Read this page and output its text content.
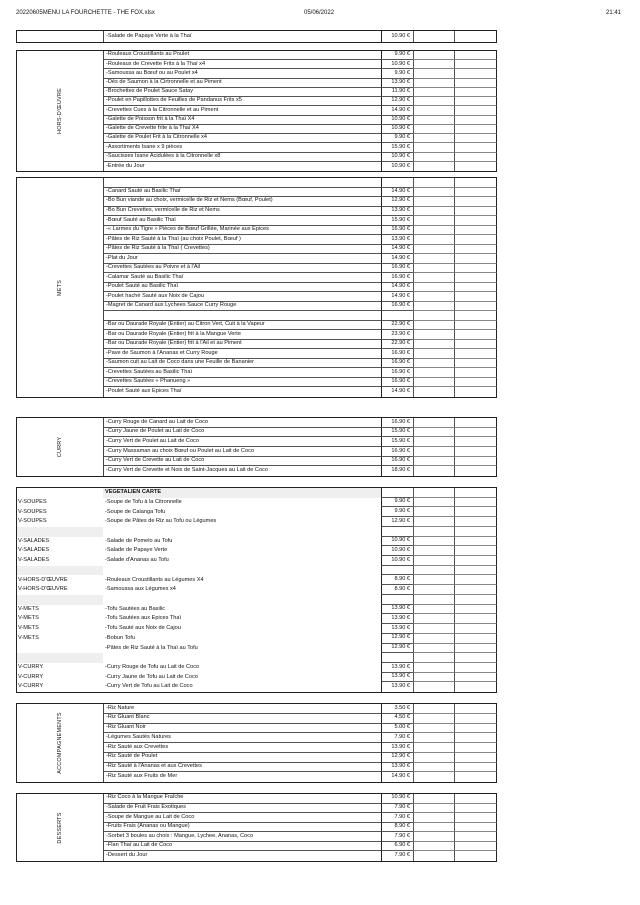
20220605MENU LA FOURCHETTE - THE FOX.xlsx	05/06/2022	21:41
-Salade de Papaye Verte à la Thaï	10.90 €
HORS-D'ŒUVRE
-Rouleaux Croustillants au Poulet	9.90 €
-Rouleaux de Crevette Frits à la Thaï x4	10.90 €
-Samoussa au Bœuf ou au Poulet x4	9.90 €
-Dés de Saumon à la Cirtronnelle et au Piment	13.90 €
-Brochettes de Poulet Sauce Satay	11.90 €
-Poulet en Papillottes de Feuilles de Pandanus Frits x5	12.90 €
-Crevettes Cues à la Citronnelle et au Piment	14.90 €
-Galette de Poisson frit à la Thaï X4	10.90 €
-Galette de Crevette frite à la Thaï X4	10.90 €
-Galette de Poulet Frit à la Citronnelle x4	9.90 €
-Assortiments Isane x 9 pièces	15.90 €
-Saucisses Isane Acidulées à la Citronnelle x8	10.90 €
-Entrée du Jour	10.90 €
METS
-Canard Sauté au Basilic Thaï	14.90 €
-Bo Bun viande au choix, vermicelle de Riz et Nems (Bœuf, Poulet)	12.90 €
-Bo Bun Crevettes, vermicelle de Riz et Nems	13.90 €
-Bœuf Sauté au Basilic Thaï	15.90 €
-« Larmes du Tigre » Pièces de Bœuf Grillée, Marinée aux Epices	16.90 €
-Pâtes de Riz Sauté à la Thaï (au choix Poulet, Bœuf )	13.90 €
-Pâtes de Riz Sauté à la Thaï ( Crevettes)	14.90 €
-Plat du Jour	14.90 €
-Crevettes Sautées au Poivre et à l'Ail	16.90 €
-Calamar Sauté au Basilic Thaï	16.90 €
-Poulet Sauté au Basilic Thaï	14.90 €
-Poulet haché Sauté aux Noix de Cajou	14.90 €
-Magret de Canard aux Lychees Sauce Curry Rouge	16.90 €
-Bar ou Daurade Royale (Entier) au Citron Vert, Cuit à la Vapeur	22.90 €
-Bar ou Daurade Royale (Entier) frit à la Mangue Verte	23.90 €
-Bar ou Daurade Royale (Entier) frit à l'Ail et au Piment	22.90 €
-Pave de Saumon à l'Ananas et Curry Rouge	16.90 €
-Saumon cuit au Lait de Coco dans une Feuille de Bananier	16.90 €
-Crevettes Sautées au Basilic Thaï	16.90 €
-Crevettes Sautées « Phanueng »	16.90 €
-Poulet Sauté aux Epices Thaï	14.90 €
CURRY
-Curry Rouge de Canard au Lait de Coco	16.90 €
-Curry Jaune de Poulet au Lait de Coco	15.90 €
-Curry Vert de Poulet au Lait de Coco	15.90 €
-Curry Massaman au choix Bœuf ou Poulet au Lait de Coco	16.90 €
-Curry Vert de Crevette au Lait de Coco	16.90 €
-Curry Vert de Crevette et Noix de Saint-Jacques au Lait de Coco	18.90 €
ACCOMPAGNEMENTS
-Riz Nature	3.50 €
-Riz Gluant Blanc	4.50 €
-Riz Gluant Noir	5.00 €
-Légumes Sautés Natures	7.90 €
-Riz Sauté aux Crevettes	13.90 €
-Riz Sauté de Poulet	12.90 €
-Riz Sauté à l'Ananas et aux Crevettes	13.90 €
-Riz Sauté aux Fruits de Mer	14.90 €
DESSERTS
-Riz Coco à la Mangue Fraîche	10.90 €
-Salade de Fruit Frais Exotiques	7.90 €
-Soupe de Mangue au Lait de Coco	7.90 €
-Fruits Frais (Ananas ou Mangue)	8.90 €
-Sorbet 3 boules au choix : Mangue, Lychee, Ananas, Coco	7.90 €
-Flan Thaï au Lait de Coco	6.90 €
-Dessert du Jour	7.90 €
VEGETALIEN CARTE
V-SOUPES	-Soupe de Tofu à la Citronnelle	9.90 €
V-SOUPES	-Soupe de Calanga Tofu	9.90 €
V-SOUPES	-Soupe de Pâtes de Riz au Tofu ou Légumes	12.90 €
V-SALADES	-Salade de Pomelo au Tofu	10.90 €
V-SALADES	-Salade de Papaye Verte	10.90 €
V-SALADES	-Salade d'Ananas au Tofu	10.90 €
V-HORS-D'ŒUVRE	-Rouleaux Croustillants au Légumes X4	8.90 €
V-HORS-D'ŒUVRE	-Samoussa aux Légumes x4	8.90 €
V-METS	-Tofu Sautées au Basilic	13.90 €
V-METS	-Tofu Sautées aux Epices Thaï	13.90 €
V-METS	-Tofu Sauté aux Noix de Cajou	13.90 €
V-METS	-Bobun Tofu	12.90 €
-Pâtes de Riz Sauté à la Thaï au Tofu	12.90 €
V-CURRY	-Curry Rouge de Tofu au Lait de Coco	13.90 €
V-CURRY	-Curry Jaune de Tofu au Lait de Coco	13.90 €
V-CURRY	-Curry Vert de Tofu au Lait de Coco	13.90 €
